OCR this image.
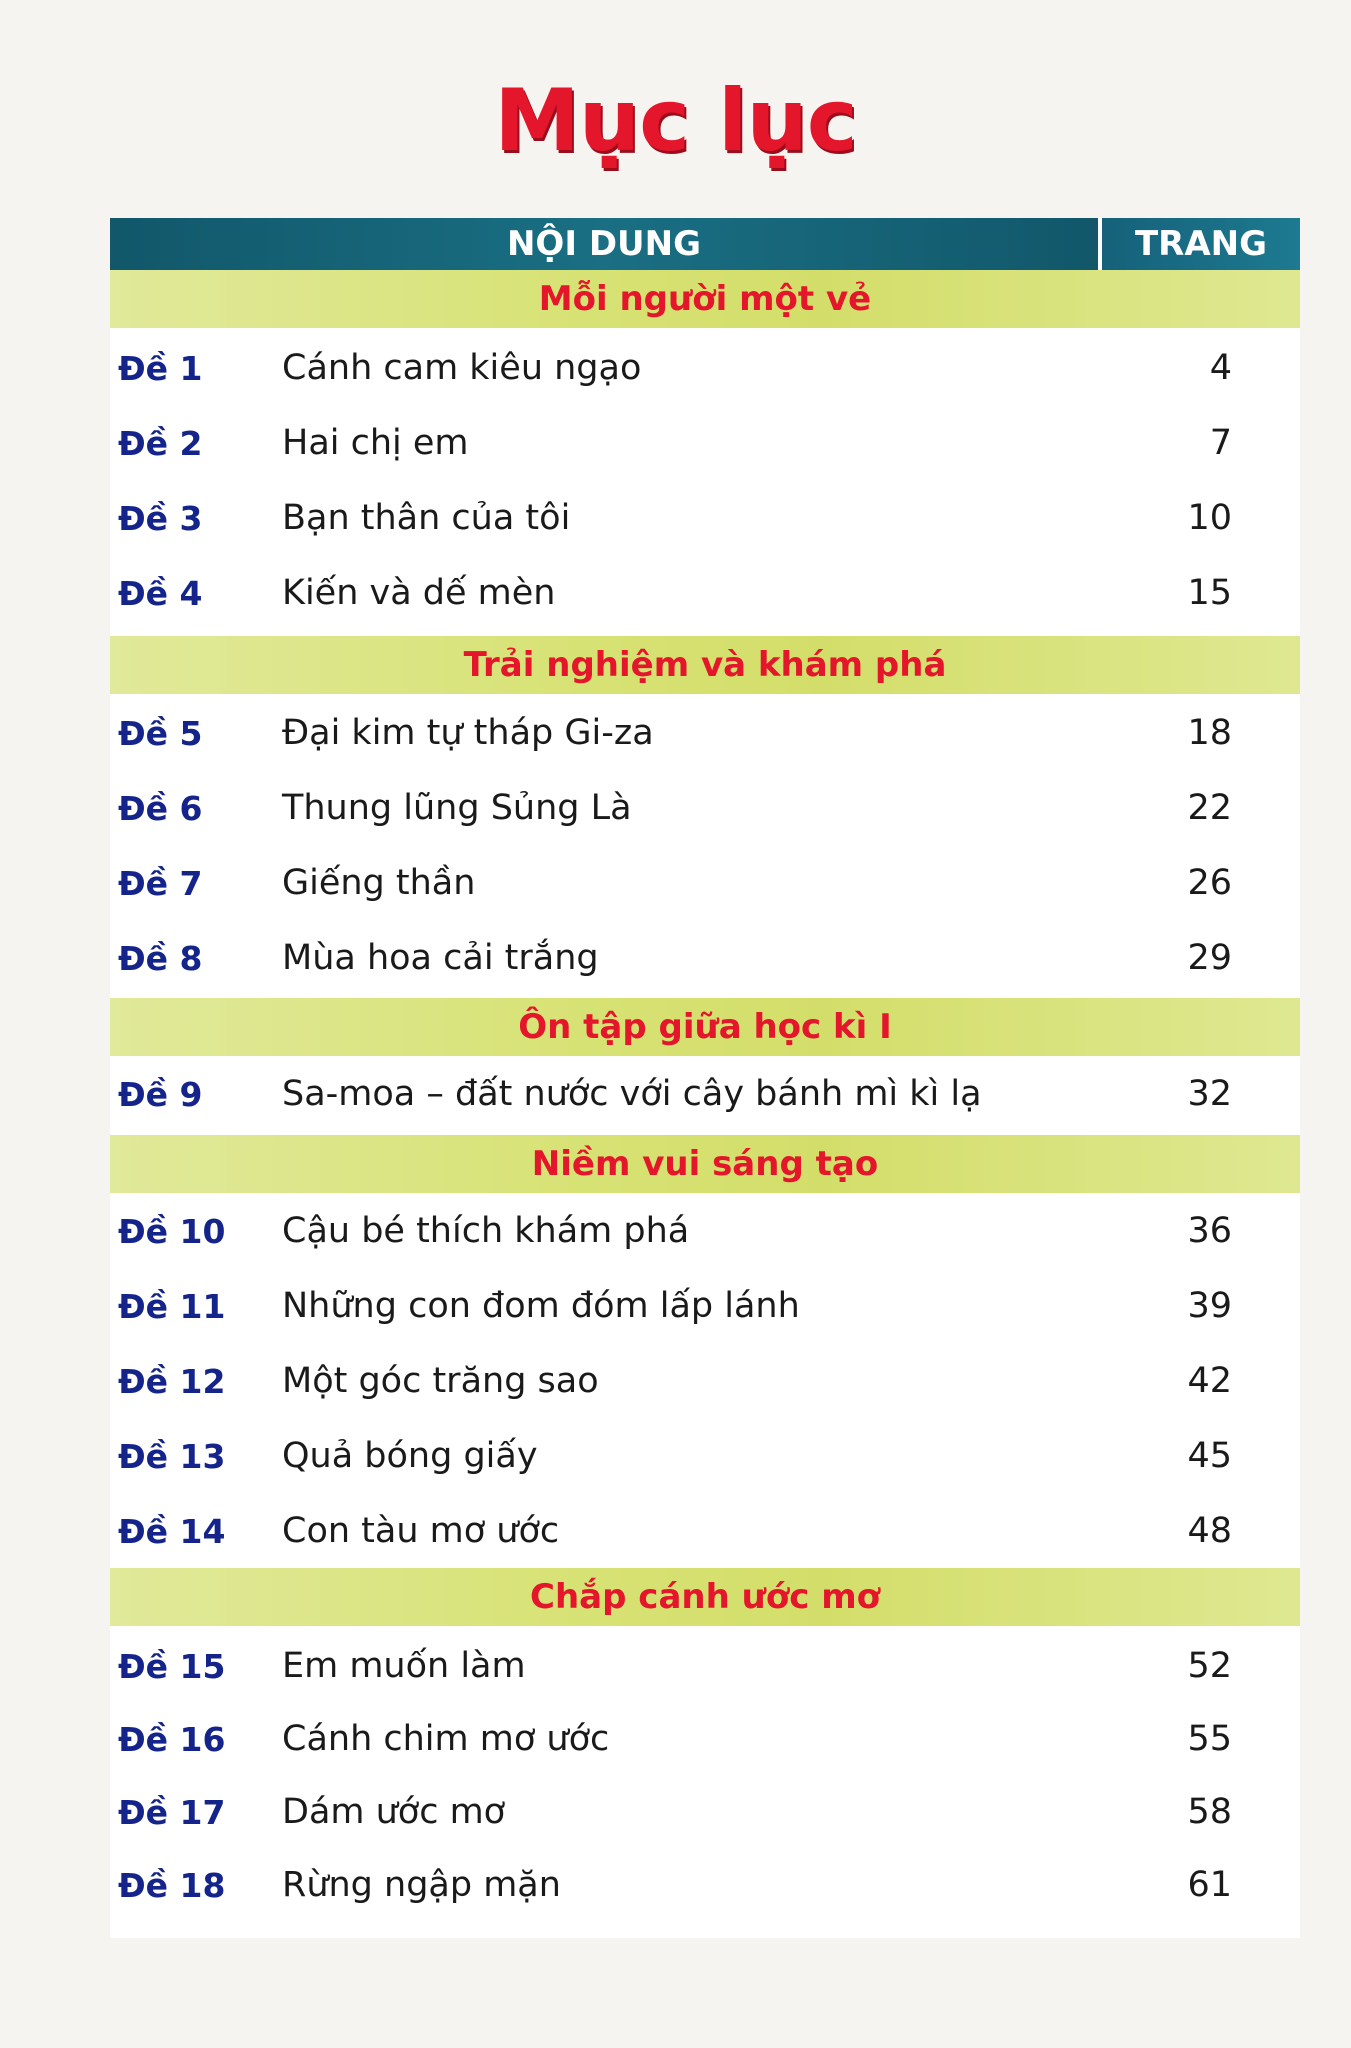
Mục lục
NỘI DUNG	TRANG
Mỗi người một vẻ
Đề 1	Cánh cam kiêu ngạo	4
Đề 2	Hai chị em	7
Đề 3	Bạn thân của tôi	10
Đề 4	Kiến và dế mèn	15
Trải nghiệm và khám phá
Đề 5	Đại kim tự tháp Gi-za	18
Đề 6	Thung lũng Sủng Là	22
Đề 7	Giếng thần	26
Đề 8	Mùa hoa cải trắng	29
Ôn tập giữa học kì I
Đề 9	Sa-moa – đất nước với cây bánh mì kì lạ	32
Niềm vui sáng tạo
Đề 10	Cậu bé thích khám phá	36
Đề 11	Những con đom đóm lấp lánh	39
Đề 12	Một góc trăng sao	42
Đề 13	Quả bóng giấy	45
Đề 14	Con tàu mơ ước	48
Chắp cánh ước mơ
Đề 15	Em muốn làm	52
Đề 16	Cánh chim mơ ước	55
Đề 17	Dám ước mơ	58
Đề 18	Rừng ngập mặn	61
